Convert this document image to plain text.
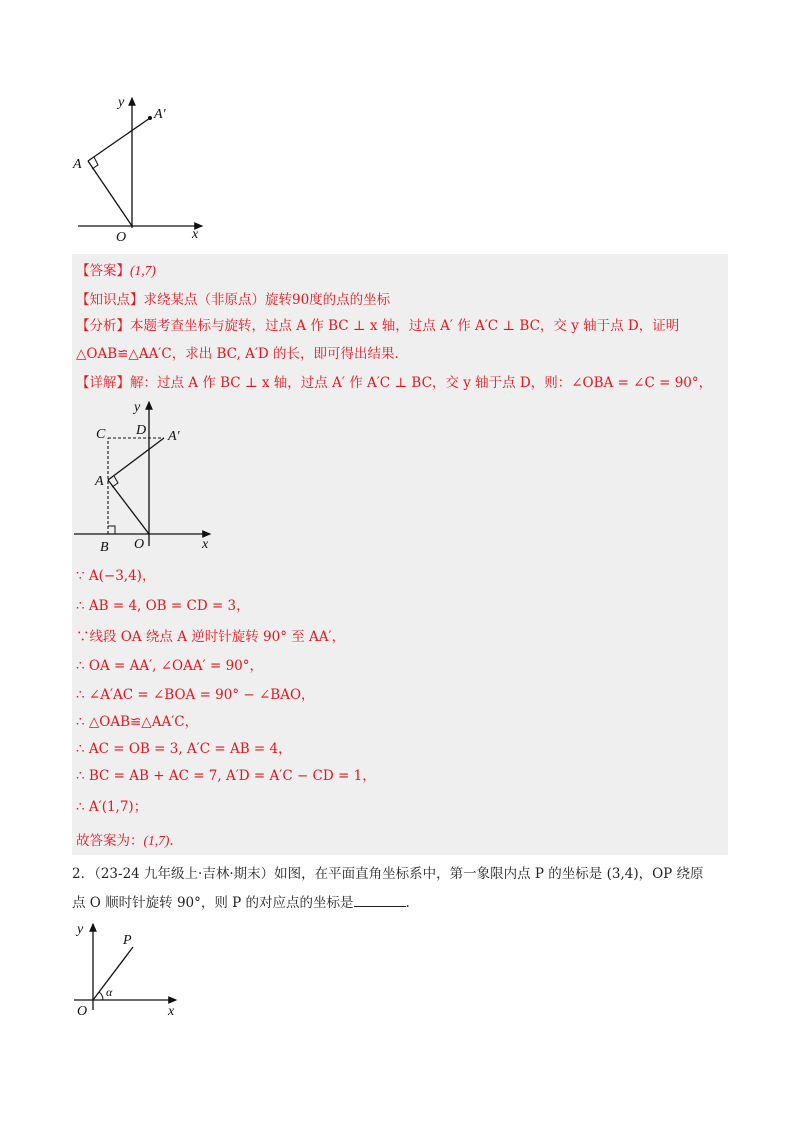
y
A′
A
O	x
【答案】(1,7)
【知识点】求绕某点（非原点）旋转90度的点的坐标
【分析】本题考查坐标与旋转，过点 A 作 BC ⊥ x 轴，过点 A′ 作 A′C ⊥ BC，交 y 轴于点 D，证明
△OAB≌△AA′C，求出 BC, A′D 的长，即可得出结果.
【详解】解：过点 A 作 BC ⊥ x 轴，过点 A′ 作 A′C ⊥ BC，交 y 轴于点 D，则：∠OBA = ∠C = 90°，
y
C D A′
A
B O	x
∵ A(−3,4)，
∴ AB = 4, OB = CD = 3，
∵线段 OA 绕点 A 逆时针旋转 90° 至 AA′，
∴ OA = AA′, ∠OAA′ = 90°，
∴ ∠A′AC = ∠BOA = 90° − ∠BAO，
∴ △OAB≌△AA′C，
∴ AC = OB = 3, A′C = AB = 4，
∴ BC = AB + AC = 7, A′D = A′C − CD = 1，
∴ A′(1,7)；
故答案为：(1,7).
2．（23-24 九年级上·吉林·期末）如图，在平面直角坐标系中，第一象限内点 P 的坐标是 (3,4)，OP 绕原
点 O 顺时针旋转 90°，则 P 的对应点的坐标是	.
y
P
α
O	x
